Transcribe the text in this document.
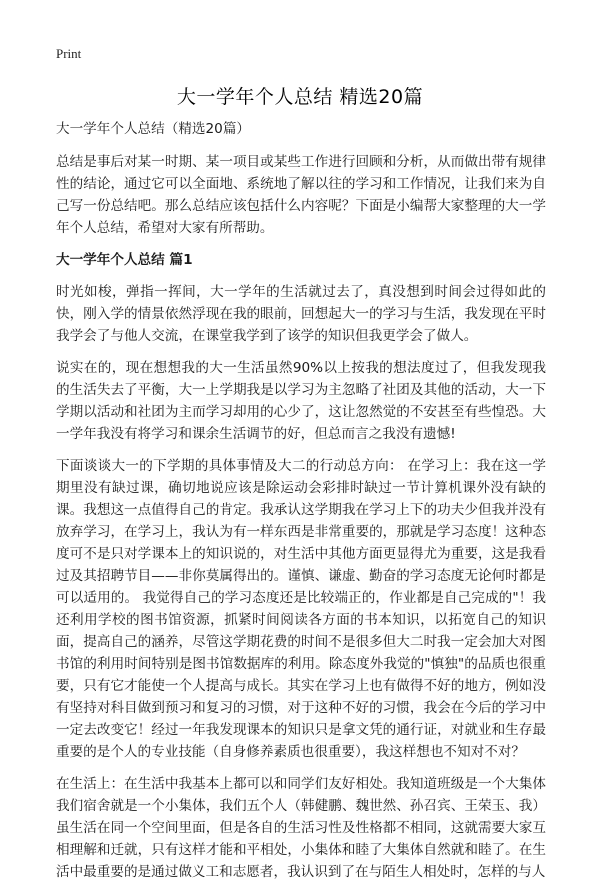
Print
大一学年个人总结 精选20篇

大一学年个人总结（精选20篇）

总结是事后对某一时期、某一项目或某些工作进行回顾和分析，从而做出带有规律性的结论，通过它可以全面地、系统地了解以往的学习和工作情况，让我们来为自己写一份总结吧。那么总结应该包括什么内容呢？下面是小编帮大家整理的大一学年个人总结，希望对大家有所帮助。

大一学年个人总结 篇1

时光如梭，弹指一挥间，大一学年的生活就过去了，真没想到时间会过得如此的快，刚入学的情景依然浮现在我的眼前，回想起大一的学习与生活，我发现在平时我学会了与他人交流，在课堂我学到了该学的知识但我更学会了做人。

说实在的，现在想想我的大一生活虽然90%以上按我的想法度过了，但我发现我的生活失去了平衡，大一上学期我是以学习为主忽略了社团及其他的活动，大一下学期以活动和社团为主而学习却用的心少了，这让忽然觉的不安甚至有些惶恐。大一学年我没有将学习和课余生活调节的好，但总而言之我没有遗憾!

下面谈谈大一的下学期的具体事情及大二的行动总方向： 在学习上：我在这一学期里没有缺过课，确切地说应该是除运动会彩排时缺过一节计算机课外没有缺的课。我想这一点值得自己的肯定。我承认这学期我在学习上下的功夫少但我并没有放弃学习，在学习上，我认为有一样东西是非常重要的，那就是学习态度！这种态度可不是只对学课本上的知识说的，对生活中其他方面更显得尤为重要，这是我看过及其招聘节目——非你莫属得出的。谨慎、谦虚、勤奋的学习态度无论何时都是可以适用的。 我觉得自己的学习态度还是比较端正的，作业都是自己完成的"！我还利用学校的图书馆资源，抓紧时间阅读各方面的书本知识，以拓宽自己的知识面，提高自己的涵养，尽管这学期花费的时间不是很多但大二时我一定会加大对图书馆的利用时间特别是图书馆数据库的利用。除态度外我觉的"慎独"的品质也很重要，只有它才能使一个人提高与成长。其实在学习上也有做得不好的地方，例如没有坚持对科目做到预习和复习的习惯，对于这种不好的习惯，我会在今后的学习中一定去改变它！经过一年我发现课本的知识只是拿文凭的通行证，对就业和生存最重要的是个人的专业技能（自身修养素质也很重要），我这样想也不知对不对？

在生活上：在生活中我基本上都可以和同学们友好相处。我知道班级是一个大集体我们宿舍就是一个小集体，我们五个人（韩健鹏、魏世然、孙召宾、王荣玉、我）虽生活在同一个空间里面，但是各自的生活习性及性格都不相同，这就需要大家互相理解和迁就，只有这样才能和平相处，小集体和睦了大集体自然就和睦了。在生活中最重要的是通过做义工和志愿者，我认识到了在与陌生人相处时，怎样的与人
